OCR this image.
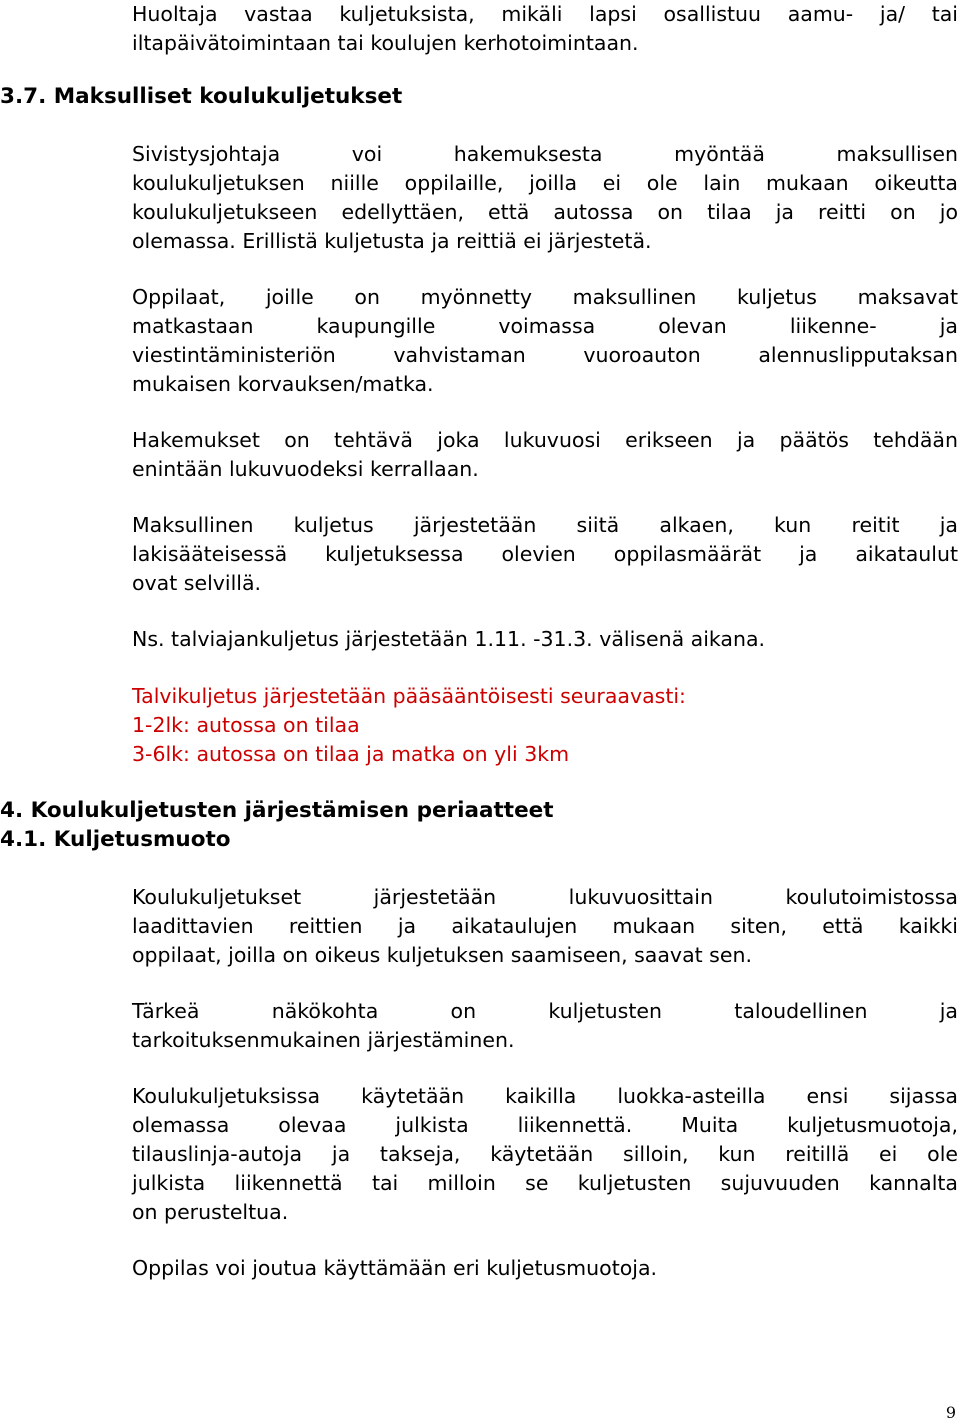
Huoltaja vastaa kuljetuksista, mikäli lapsi osallistuu aamu- ja/ tai
iltapäivätoimintaan tai koulujen kerhotoimintaan.

3.7. Maksulliset koulukuljetukset

Sivistysjohtaja voi hakemuksesta myöntää maksullisen
koulukuljetuksen niille oppilaille, joilla ei ole lain mukaan oikeutta
koulukuljetukseen edellyttäen, että autossa on tilaa ja reitti on jo
olemassa. Erillistä kuljetusta ja reittiä ei järjestetä.

Oppilaat, joille on myönnetty maksullinen kuljetus maksavat
matkastaan kaupungille voimassa olevan liikenne- ja
viestintäministeriön vahvistaman vuoroauton alennuslipputaksan
mukaisen korvauksen/matka.

Hakemukset on tehtävä joka lukuvuosi erikseen ja päätös tehdään
enintään lukuvuodeksi kerrallaan.

Maksullinen kuljetus järjestetään siitä alkaen, kun reitit ja
lakisääteisessä kuljetuksessa olevien oppilasmäärät ja aikataulut
ovat selvillä.

Ns. talviajankuljetus järjestetään 1.11. -31.3. välisenä aikana.

Talvikuljetus järjestetään pääsääntöisesti seuraavasti:
1-2lk: autossa on tilaa
3-6lk: autossa on tilaa ja matka on yli 3km

4. Koulukuljetusten järjestämisen periaatteet
4.1. Kuljetusmuoto

Koulukuljetukset järjestetään lukuvuosittain koulutoimistossa
laadittavien reittien ja aikataulujen mukaan siten, että kaikki
oppilaat, joilla on oikeus kuljetuksen saamiseen, saavat sen.

Tärkeä näkökohta on kuljetusten taloudellinen ja
tarkoituksenmukainen järjestäminen.

Koulukuljetuksissa käytetään kaikilla luokka-asteilla ensi sijassa
olemassa olevaa julkista liikennettä. Muita kuljetusmuotoja,
tilauslinja-autoja ja takseja, käytetään silloin, kun reitillä ei ole
julkista liikennettä tai milloin se kuljetusten sujuvuuden kannalta
on perusteltua.

Oppilas voi joutua käyttämään eri kuljetusmuotoja.

9
